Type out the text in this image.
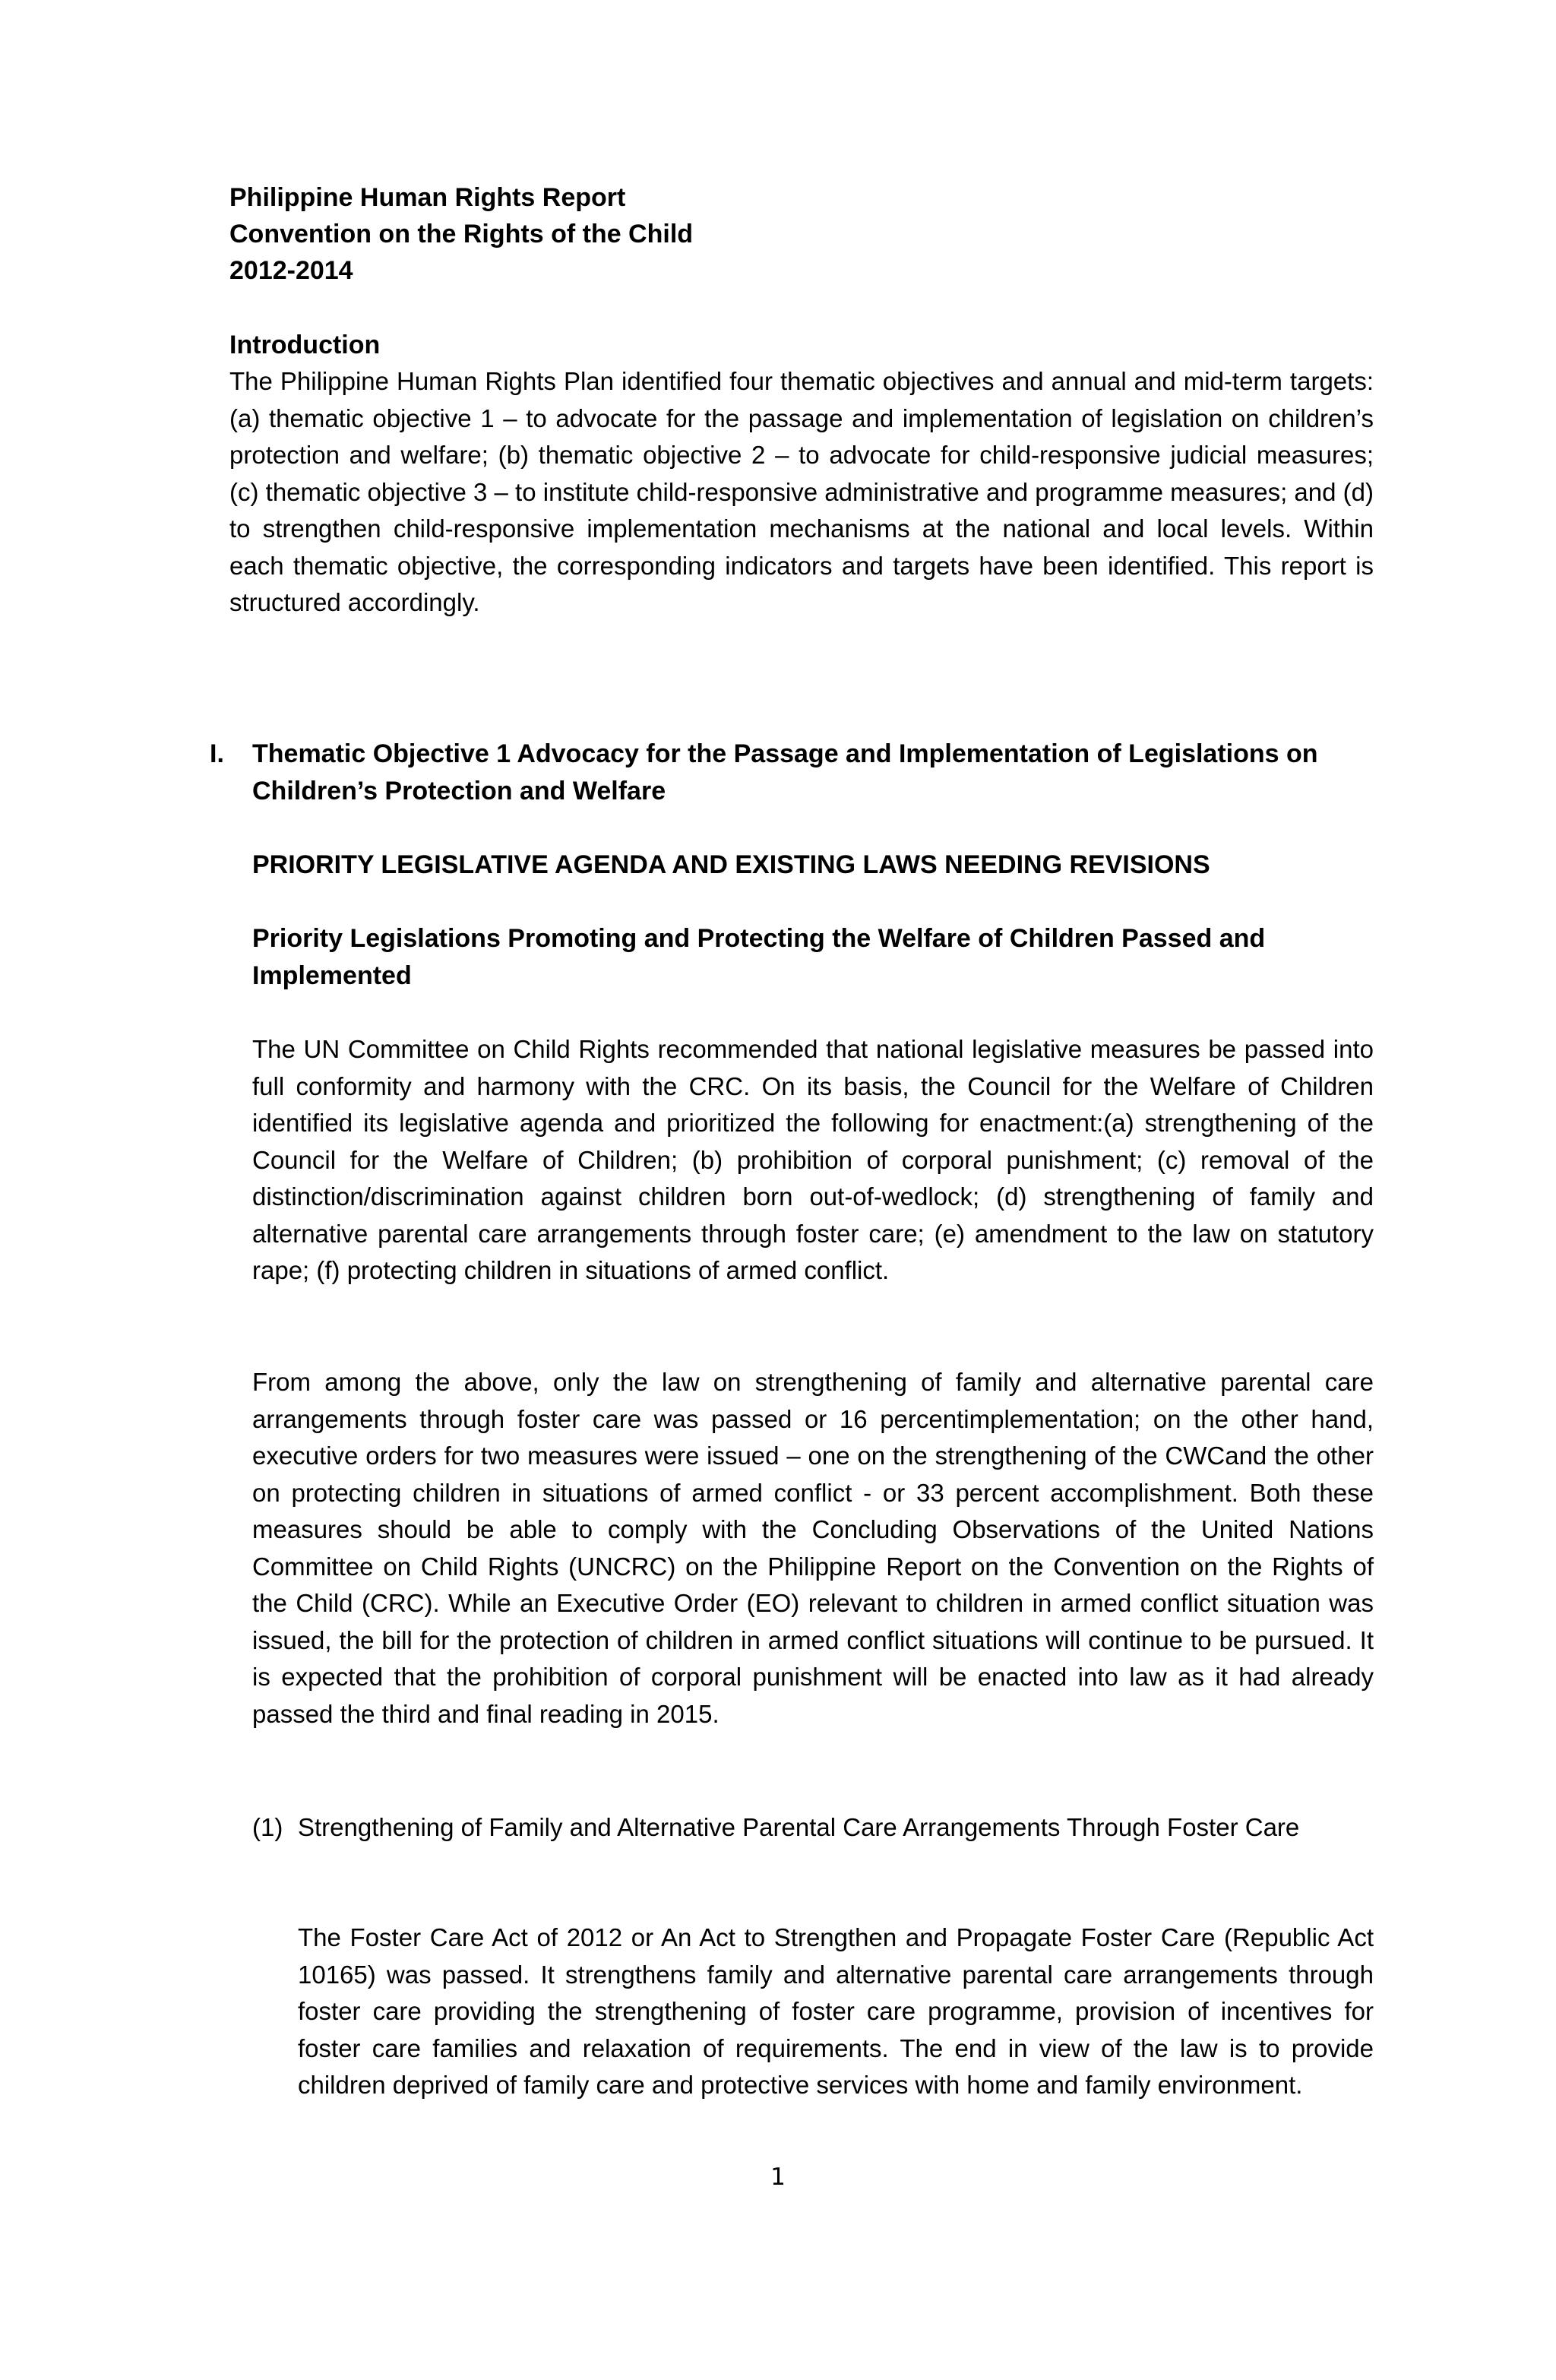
Philippine Human Rights Report
Convention on the Rights of the Child
2012-2014
Introduction

The Philippine Human Rights Plan identified four thematic objectives and annual and mid-term targets: (a) thematic objective 1 – to advocate for the passage and implementation of legislation on children’s protection and welfare; (b) thematic objective 2 – to advocate for child-responsive judicial measures; (c) thematic objective 3 – to institute child-responsive administrative and programme measures; and (d) to strengthen child-responsive implementation mechanisms at the national and local levels. Within each thematic objective, the corresponding indicators and targets have been identified. This report is structured accordingly.

I.	Thematic Objective 1 Advocacy for the Passage and Implementation of Legislations on Children’s Protection and Welfare
PRIORITY LEGISLATIVE AGENDA AND EXISTING LAWS NEEDING REVISIONS
Priority Legislations Promoting and Protecting the Welfare of Children Passed and Implemented

The UN Committee on Child Rights recommended that national legislative measures be passed into full conformity and harmony with the CRC. On its basis, the Council for the Welfare of Children identified its legislative agenda and prioritized the following for enactment:(a) strengthening of the Council for the Welfare of Children; (b) prohibition of corporal punishment; (c) removal of the distinction/discrimination against children born out-of-wedlock; (d) strengthening of family and alternative parental care arrangements through foster care; (e) amendment to the law on statutory rape; (f) protecting children in situations of armed conflict.

From among the above, only the law on strengthening of family and alternative parental care arrangements through foster care was passed or 16 percentimplementation; on the other hand, executive orders for two measures were issued – one on the strengthening of the CWCand the other on protecting children in situations of armed conflict - or 33 percent accomplishment. Both these measures should be able to comply with the Concluding Observations of the United Nations Committee on Child Rights (UNCRC) on the Philippine Report on the Convention on the Rights of the Child (CRC). While an Executive Order (EO) relevant to children in armed conflict situation was issued, the bill for the protection of children in armed conflict situations will continue to be pursued. It is expected that the prohibition of corporal punishment will be enacted into law as it had already passed the third and final reading in 2015.

(1) Strengthening of Family and Alternative Parental Care Arrangements Through Foster Care

The Foster Care Act of 2012 or An Act to Strengthen and Propagate Foster Care (Republic Act 10165) was passed. It strengthens family and alternative parental care arrangements through foster care providing the strengthening of foster care programme, provision of incentives for foster care families and relaxation of requirements. The end in view of the law is to provide children deprived of family care and protective services with home and family environment.

1
